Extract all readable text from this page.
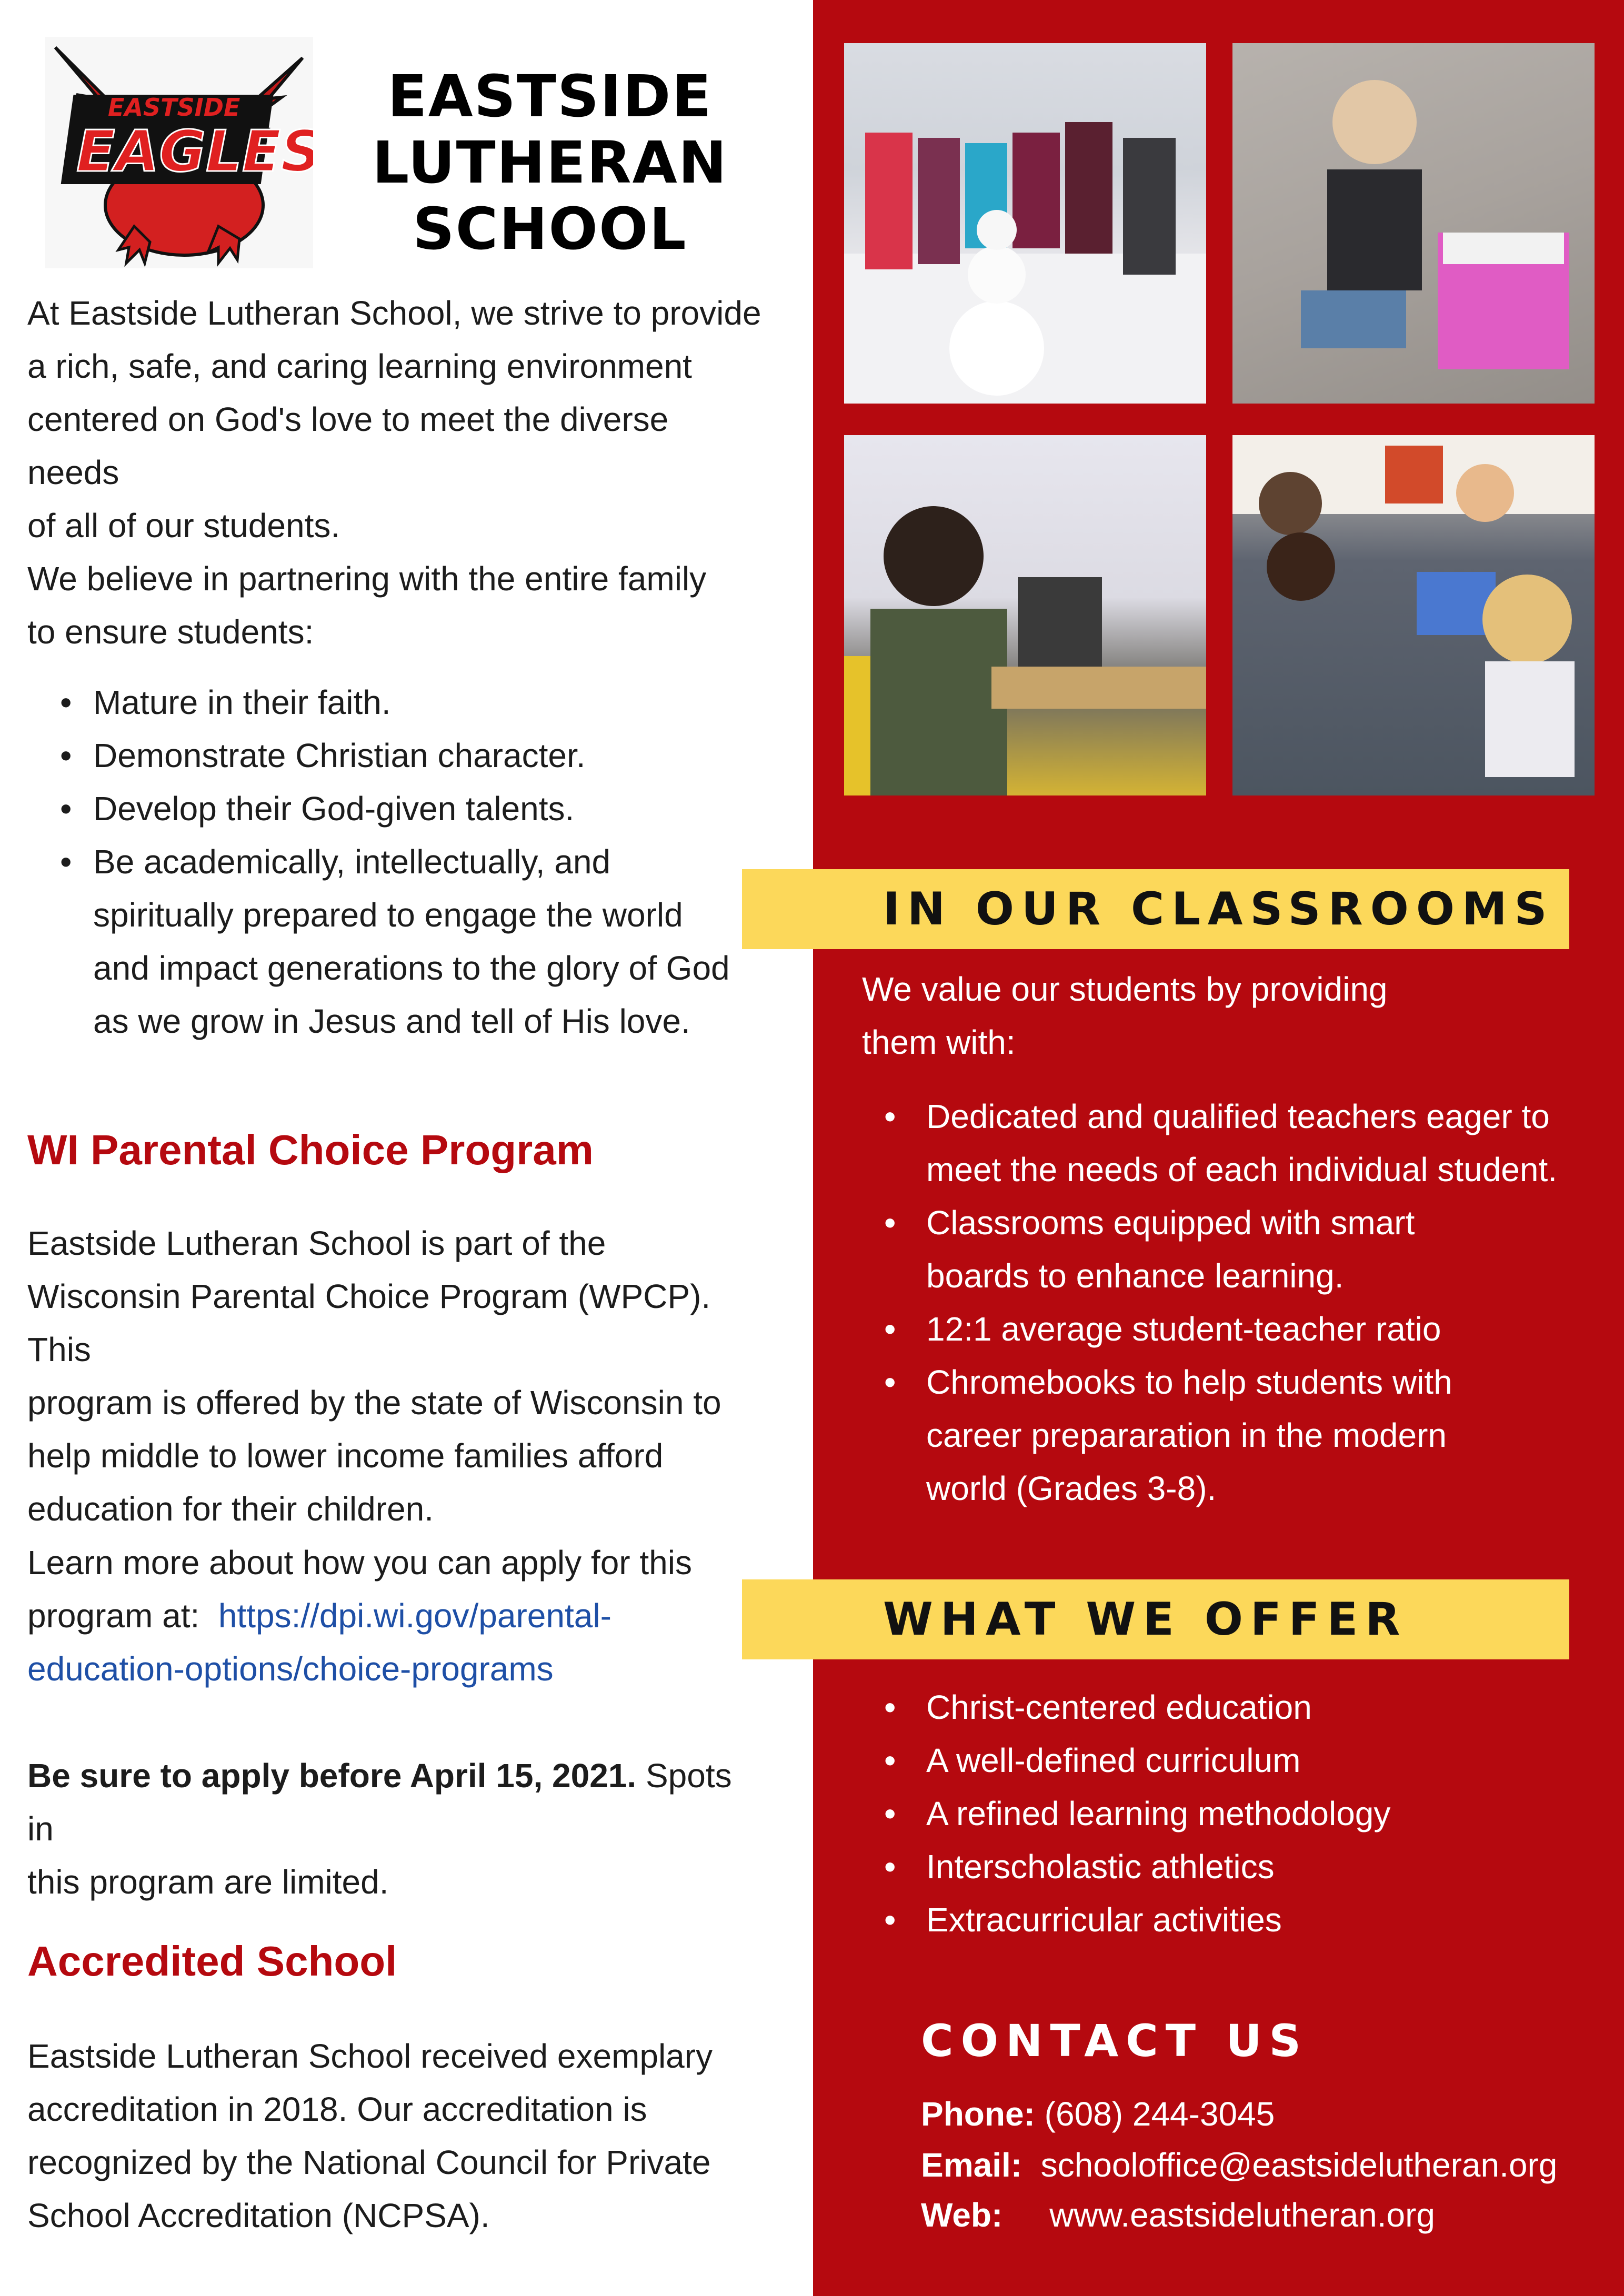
EASTSIDE
EAGLES
EASTSIDE
LUTHERAN
SCHOOL

At Eastside Lutheran School, we strive to provide

a rich, safe, and caring learning environment

centered on God's love to meet the diverse needs

of all of our students.

We believe in partnering with the entire family

to ensure students:

• Mature in their faith.
• Demonstrate Christian character.
• Develop their God-given talents.
• Be academically, intellectually, and
spiritually prepared to engage the world
and impact generations to the glory of God
as we grow in Jesus and tell of His love.
WI Parental Choice Program

Eastside Lutheran School is part of the

Wisconsin Parental Choice Program (WPCP). This

program is offered by the state of Wisconsin to

help middle to lower income families afford

education for their children.

Learn more about how you can apply for this

program at: https://dpi.wi.gov/parental-

education-options/choice-programs

Be sure to apply before April 15, 2021. Spots in

this program are limited.

Accredited School

Eastside Lutheran School received exemplary

accreditation in 2018. Our accreditation is

recognized by the National Council for Private

School Accreditation (NCPSA).

IN OUR CLASSROOMS

We value our students by providing

them with:

• Dedicated and qualified teachers eager to
meet the needs of each individual student.
• Classrooms equipped with smart
boards to enhance learning.
• 12:1 average student-teacher ratio
• Chromebooks to help students with
career prepararation in the modern
world (Grades 3-8).
WHAT WE OFFER
• Christ-centered education
• A well-defined curriculum
• A refined learning methodology
• Interscholastic athletics
• Extracurricular activities
CONTACT US
Phone: (608) 244-3045
Email: schooloffice@eastsidelutheran.org
Web: www.eastsidelutheran.org
